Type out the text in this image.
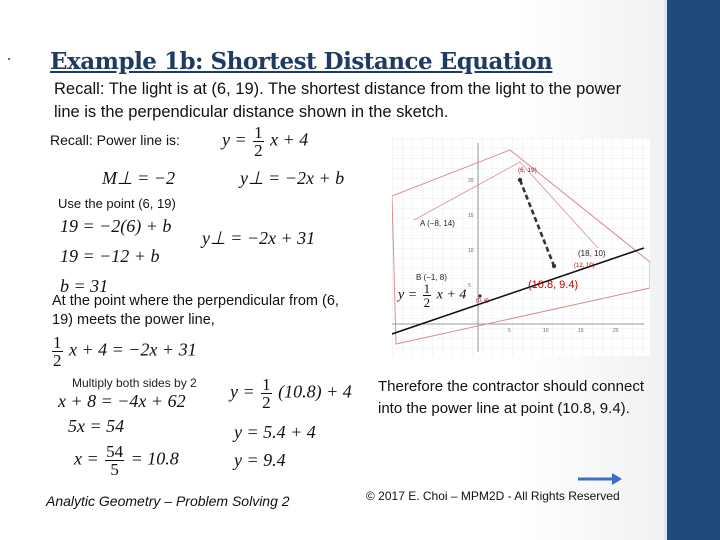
Example 1b: Shortest Distance Equation
Recall: The light is at (6, 19). The shortest distance from the light to the power line is the perpendicular distance shown in the sketch.
Recall: Power line is: $y = \frac{1}{2}$ x + 4
M⊥ = −2	y⊥ = −2x + b
Use the point (6, 19)
19 = −2(6) + b
19 = −12 + b
b = 31
y⊥ = −2x + 31
At the point where the perpendicular from (6, 19) meets the power line,
$\frac{1}{2}$ x + 4 = −2x + 31
Multiply both sides by 2
x + 8 = −4x + 62
5x = 54
$x = \frac{54}{5} = 10.8$
$y = \frac{1}{2} (10.8) + 4$
y = 5.4 + 4
y = 9.4
20
15
10
5
5	10	15	20
(6, 19)
A (−8, 14)
B (−1, 8)
(18, 10)
(12, 10)
(10.8, 9.4)
(0, 4)
$y = \frac{1}{2}$ x + 4
Therefore the contractor should connect into the power line at point (10.8, 9.4).
Analytic Geometry – Problem Solving 2	© 2017 E. Choi – MPM2D - All Rights Reserved
